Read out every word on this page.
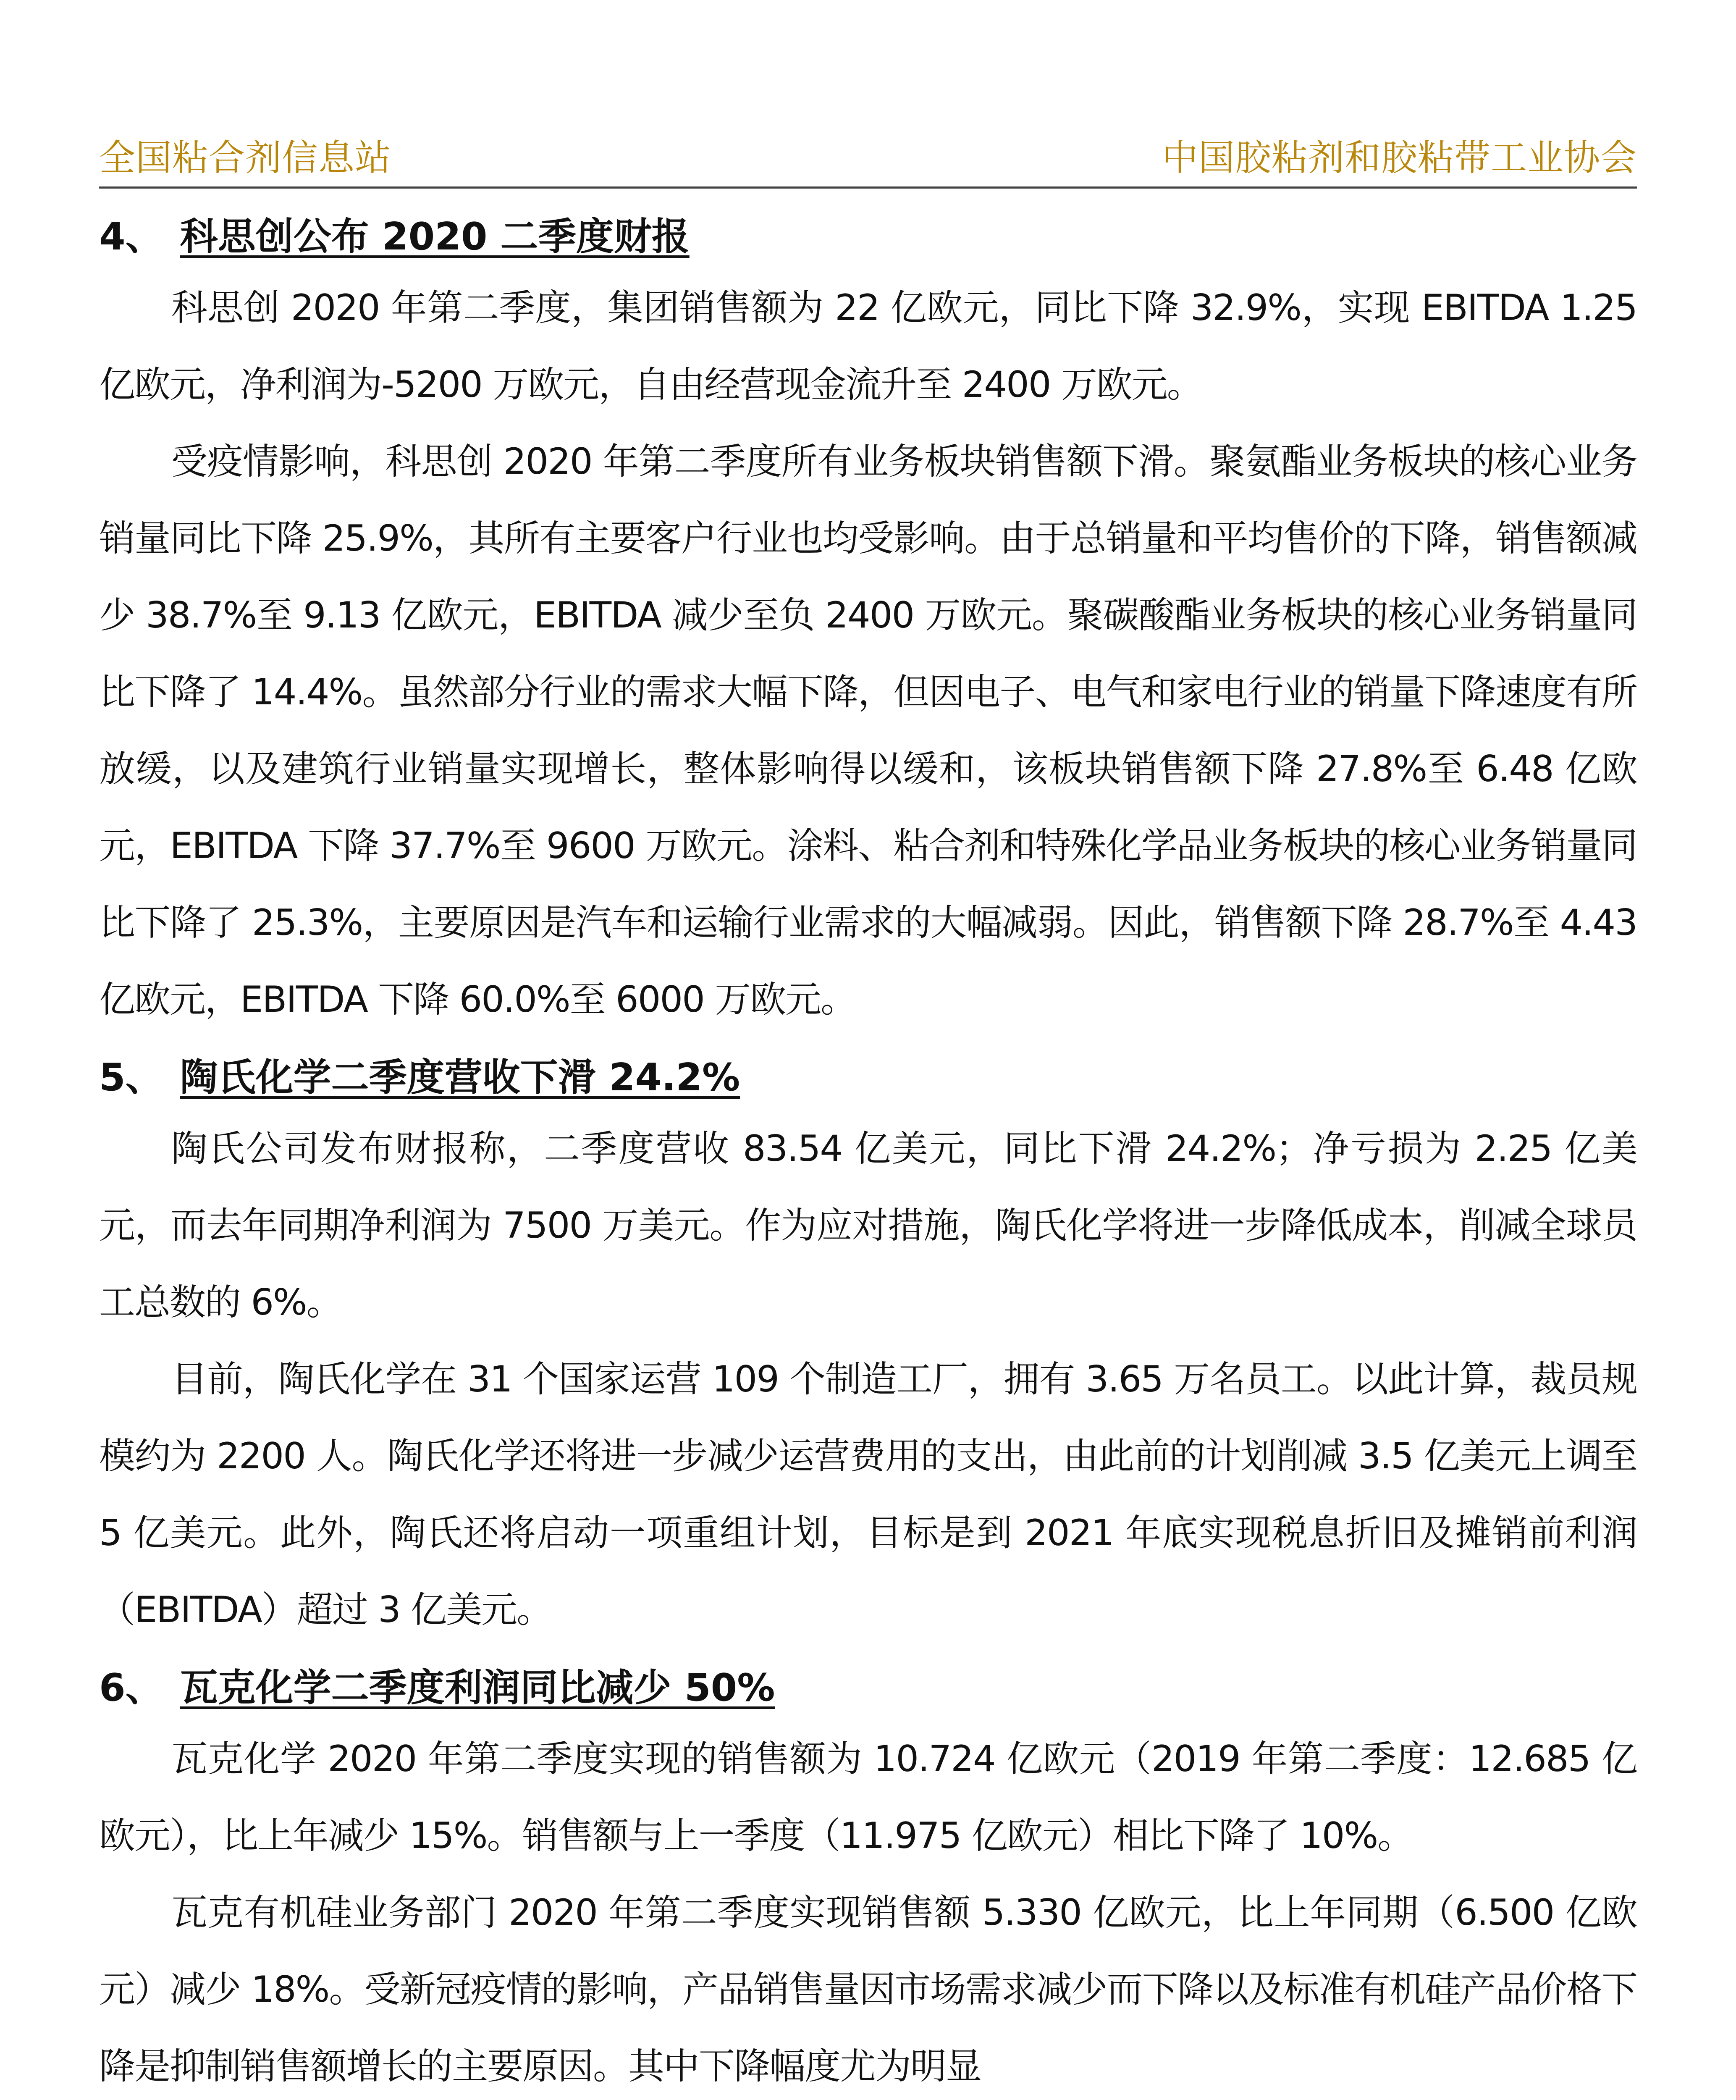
全国粘合剂信息站	中国胶粘剂和胶粘带工业协会
4、 科思创公布 2020 二季度财报

科思创 2020 年第二季度，集团销售额为 22 亿欧元，同比下降 32.9%，实现 EBITDA 1.25 亿欧元，净利润为-5200 万欧元，自由经营现金流升至 2400 万欧元。

受疫情影响，科思创 2020 年第二季度所有业务板块销售额下滑。聚氨酯业务板块的核心业务销量同比下降 25.9%，其所有主要客户行业也均受影响。由于总销量和平均售价的下降，销售额减少 38.7%至 9.13 亿欧元，EBITDA 减少至负 2400 万欧元。聚碳酸酯业务板块的核心业务销量同比下降了 14.4%。虽然部分行业的需求大幅下降，但因电子、电气和家电行业的销量下降速度有所放缓，以及建筑行业销量实现增长，整体影响得以缓和，该板块销售额下降 27.8%至 6.48 亿欧元，EBITDA 下降 37.7%至 9600 万欧元。涂料、粘合剂和特殊化学品业务板块的核心业务销量同比下降了 25.3%，主要原因是汽车和运输行业需求的大幅减弱。因此，销售额下降 28.7%至 4.43 亿欧元，EBITDA 下降 60.0%至 6000 万欧元。

5、 陶氏化学二季度营收下滑 24.2%

陶氏公司发布财报称，二季度营收 83.54 亿美元，同比下滑 24.2%；净亏损为 2.25 亿美元，而去年同期净利润为 7500 万美元。作为应对措施，陶氏化学将进一步降低成本，削减全球员工总数的 6%。

目前，陶氏化学在 31 个国家运营 109 个制造工厂，拥有 3.65 万名员工。以此计算，裁员规模约为 2200 人。陶氏化学还将进一步减少运营费用的支出，由此前的计划削减 3.5 亿美元上调至 5 亿美元。此外，陶氏还将启动一项重组计划，目标是到 2021 年底实现税息折旧及摊销前利润（EBITDA）超过 3 亿美元。

6、 瓦克化学二季度利润同比减少 50%

瓦克化学 2020 年第二季度实现的销售额为 10.724 亿欧元（2019 年第二季度：12.685 亿欧元），比上年减少 15%。销售额与上一季度（11.975 亿欧元）相比下降了 10%。

瓦克有机硅业务部门 2020 年第二季度实现销售额 5.330 亿欧元，比上年同期（6.500 亿欧元）减少 18%。受新冠疫情的影响，产品销售量因市场需求减少而下降以及标准有机硅产品价格下降是抑制销售额增长的主要原因。其中下降幅度尤为明显
